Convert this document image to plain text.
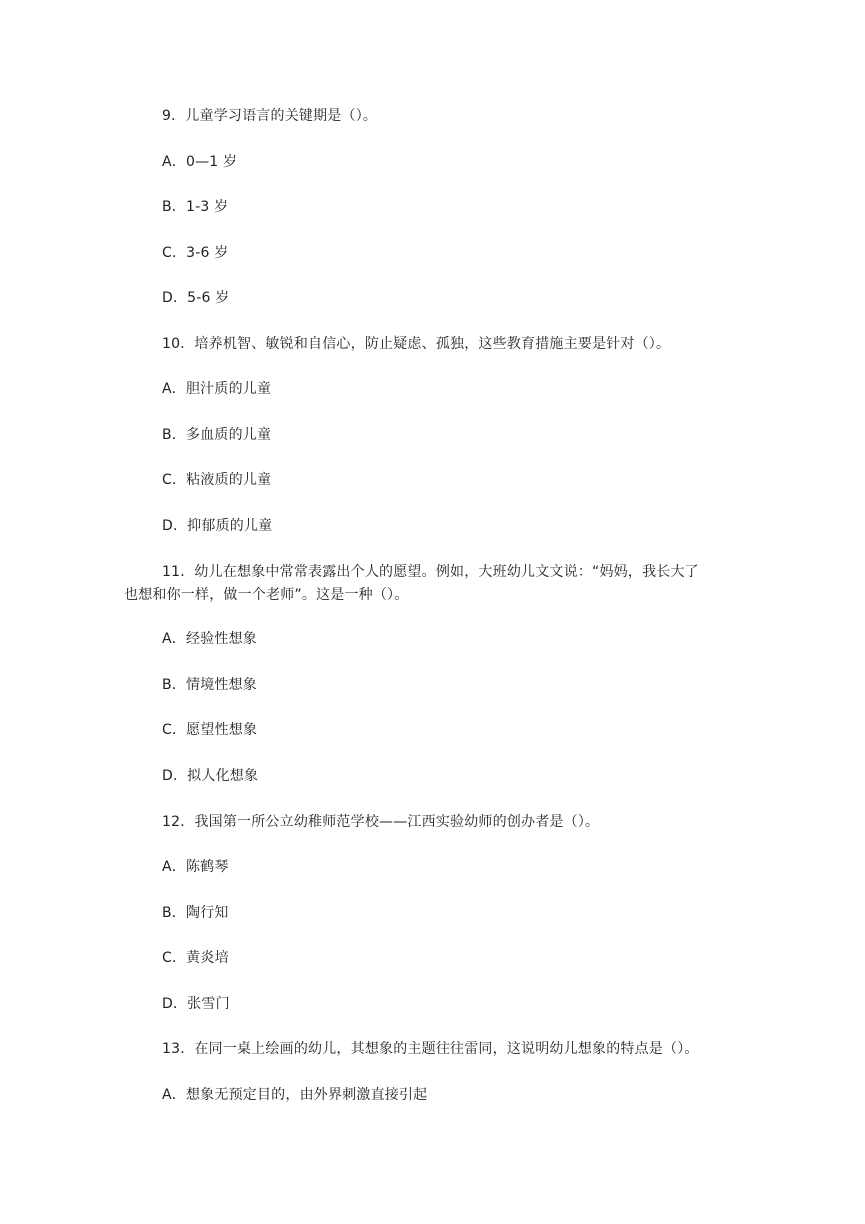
9．儿童学习语言的关键期是（）。
A．0—1 岁
B．1-3 岁
C．3-6 岁
D．5-6 岁
10．培养机智、敏锐和自信心，防止疑虑、孤独，这些教育措施主要是针对（）。
A．胆汁质的儿童
B．多血质的儿童
C．粘液质的儿童
D．抑郁质的儿童
11．幼儿在想象中常常表露出个人的愿望。例如，大班幼儿文文说：“妈妈，我长大了
也想和你一样，做一个老师”。这是一种（）。
A．经验性想象
B．情境性想象
C．愿望性想象
D．拟人化想象
12．我国第一所公立幼稚师范学校——江西实验幼师的创办者是（）。
A．陈鹤琴
B．陶行知
C．黄炎培
D．张雪门
13．在同一桌上绘画的幼儿，其想象的主题往往雷同，这说明幼儿想象的特点是（）。
A．想象无预定目的，由外界刺激直接引起
